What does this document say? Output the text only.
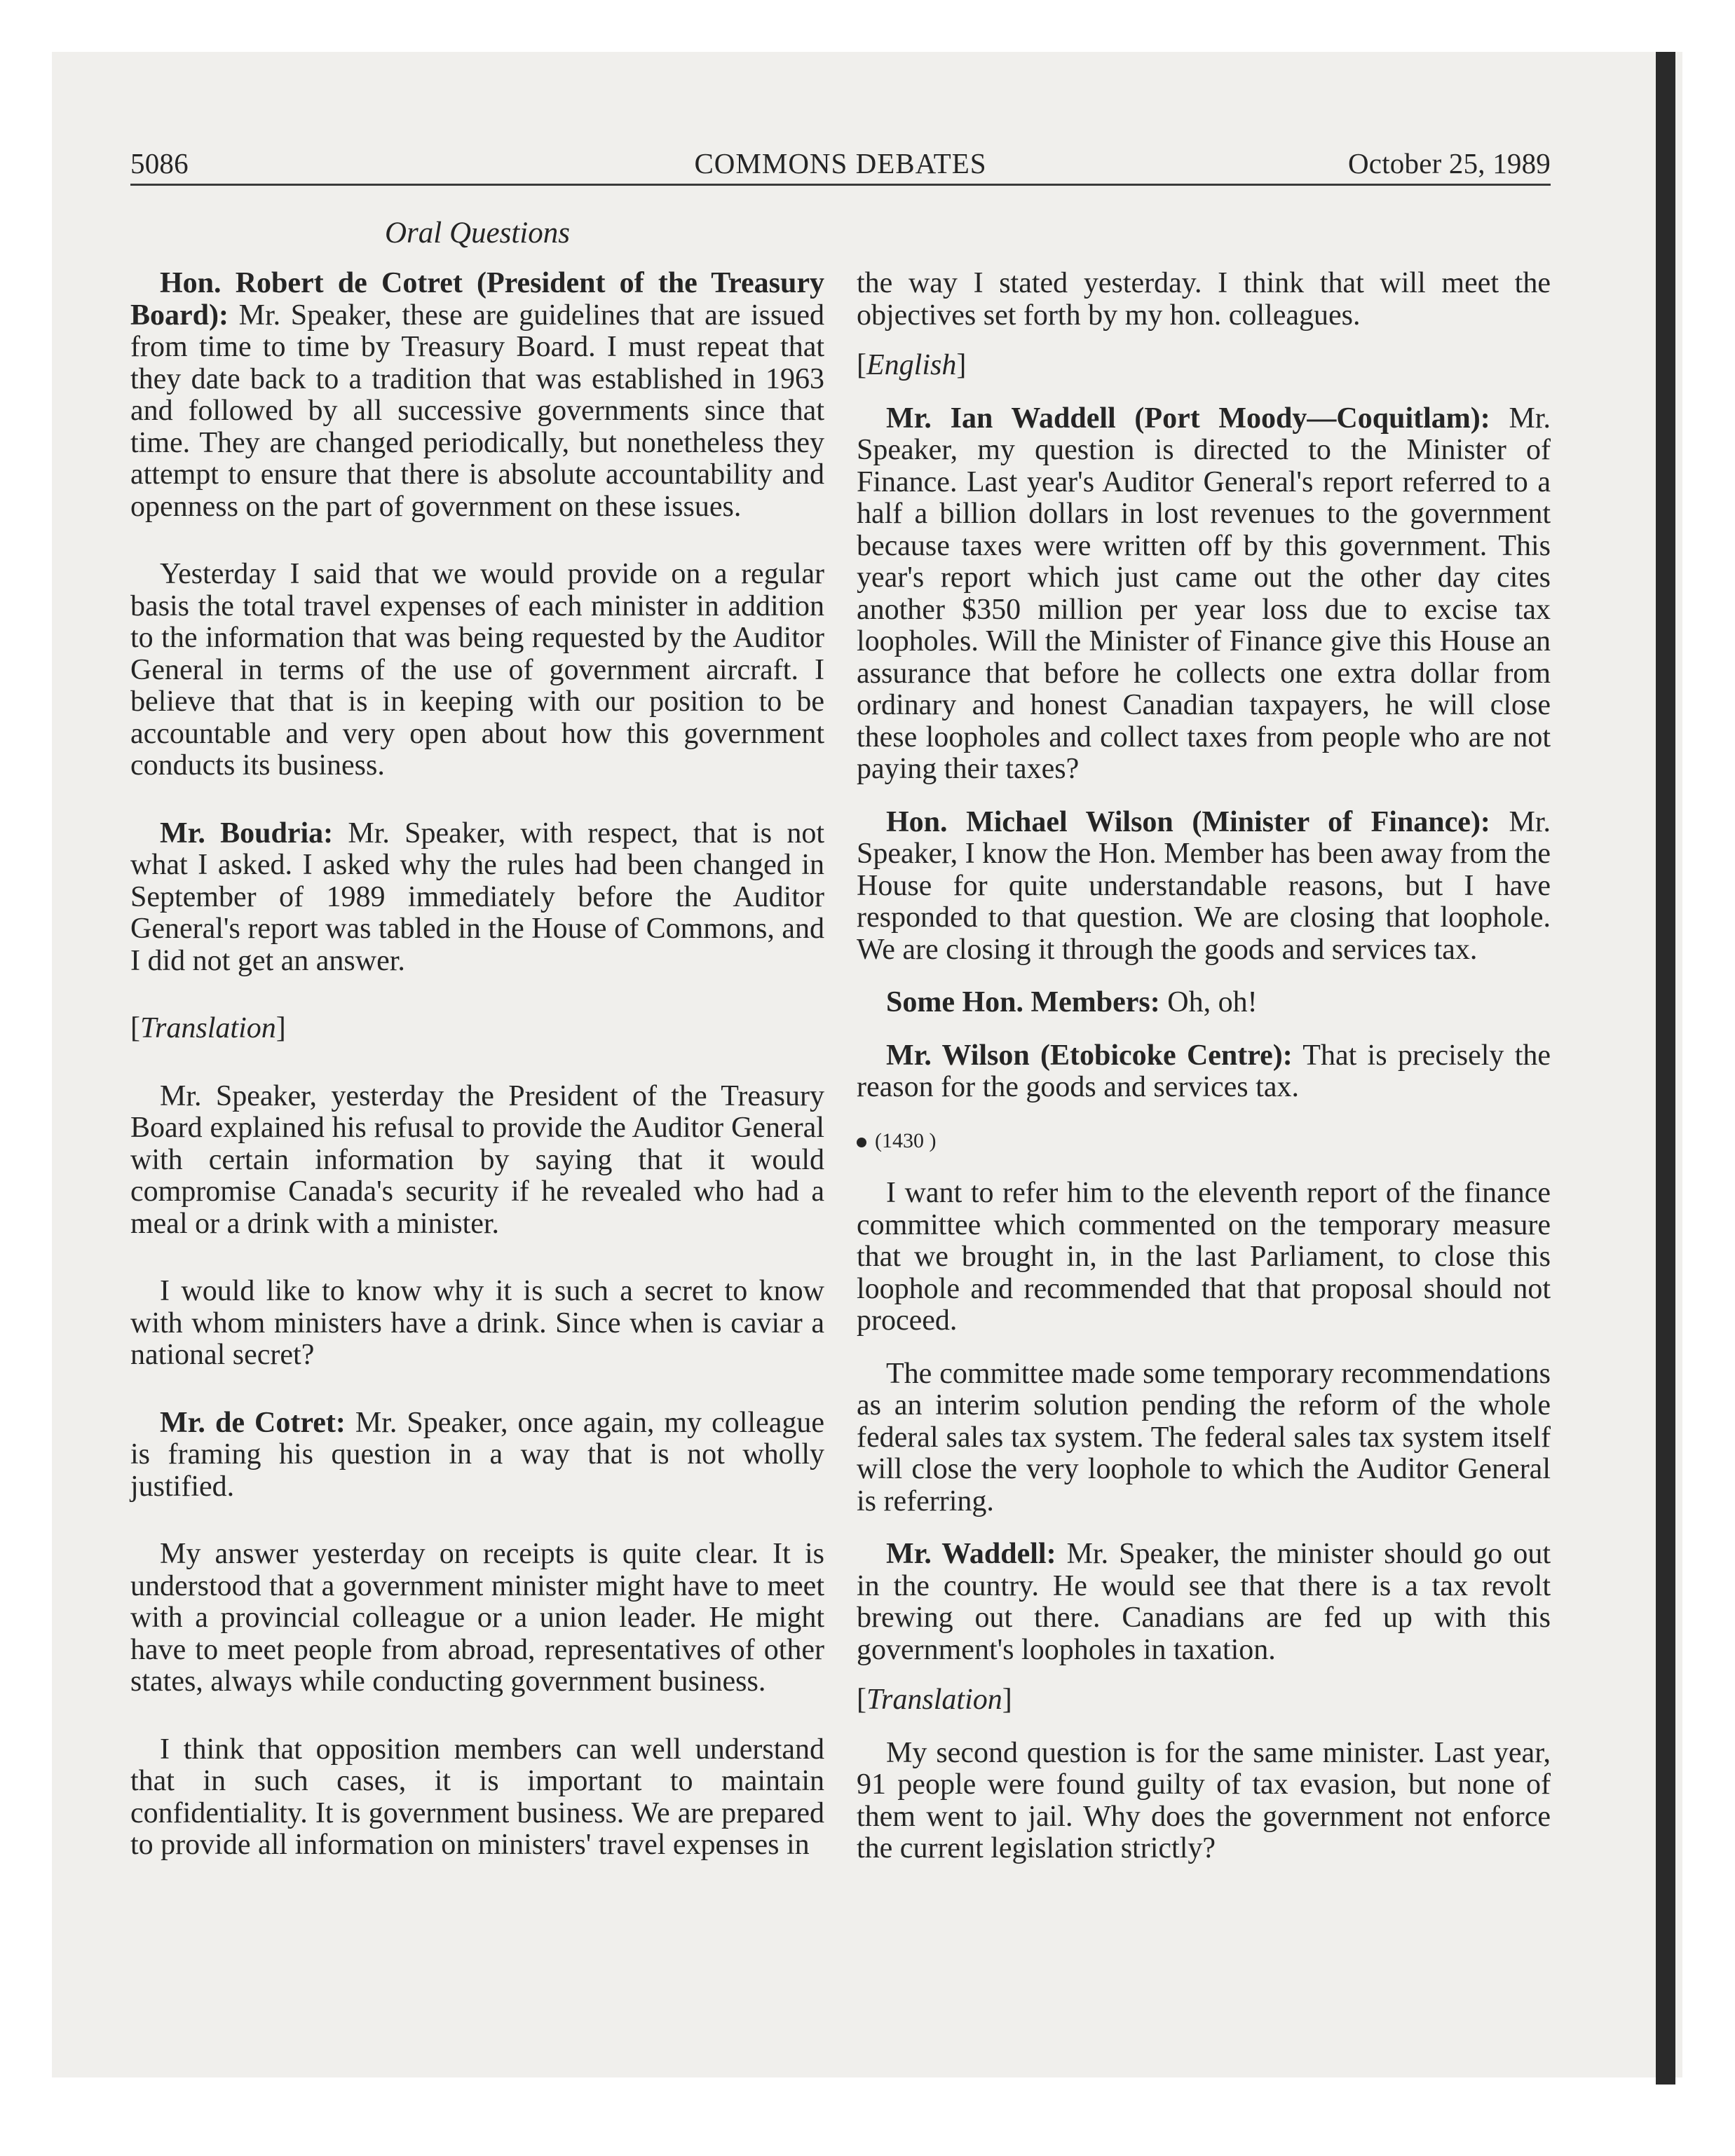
5086	COMMONS DEBATES	October 25, 1989
Oral Questions

Hon. Robert de Cotret (President of the Treasury Board): Mr. Speaker, these are guidelines that are issued from time to time by Treasury Board. I must repeat that they date back to a tradition that was established in 1963 and followed by all successive governments since that time. They are changed periodically, but nonetheless they attempt to ensure that there is absolute accountability and openness on the part of government on these issues.

Yesterday I said that we would provide on a regular basis the total travel expenses of each minister in addition to the information that was being requested by the Auditor General in terms of the use of government aircraft. I believe that that is in keeping with our position to be accountable and very open about how this government conducts its business.

Mr. Boudria: Mr. Speaker, with respect, that is not what I asked. I asked why the rules had been changed in September of 1989 immediately before the Auditor General's report was tabled in the House of Commons, and I did not get an answer.

[Translation]

Mr. Speaker, yesterday the President of the Treasury Board explained his refusal to provide the Auditor General with certain information by saying that it would compromise Canada's security if he revealed who had a meal or a drink with a minister.

I would like to know why it is such a secret to know with whom ministers have a drink. Since when is caviar a national secret?

Mr. de Cotret: Mr. Speaker, once again, my colleague is framing his question in a way that is not wholly justified.

My answer yesterday on receipts is quite clear. It is understood that a government minister might have to meet with a provincial colleague or a union leader. He might have to meet people from abroad, representatives of other states, always while conducting government business.

I think that opposition members can well understand that in such cases, it is important to maintain confidentiality. It is government business. We are prepared to provide all information on ministers' travel expenses in

the way I stated yesterday. I think that will meet the objectives set forth by my hon. colleagues.

[English]

Mr. Ian Waddell (Port Moody—Coquitlam): Mr. Speaker, my question is directed to the Minister of Finance. Last year's Auditor General's report referred to a half a billion dollars in lost revenues to the government because taxes were written off by this government. This year's report which just came out the other day cites another $350 million per year loss due to excise tax loopholes. Will the Minister of Finance give this House an assurance that before he collects one extra dollar from ordinary and honest Canadian taxpayers, he will close these loopholes and collect taxes from people who are not paying their taxes?

Hon. Michael Wilson (Minister of Finance): Mr. Speaker, I know the Hon. Member has been away from the House for quite understandable reasons, but I have responded to that question. We are closing that loophole. We are closing it through the goods and services tax.

Some Hon. Members: Oh, oh!

Mr. Wilson (Etobicoke Centre): That is precisely the reason for the goods and services tax.

(1430 )

I want to refer him to the eleventh report of the finance committee which commented on the temporary measure that we brought in, in the last Parliament, to close this loophole and recommended that that proposal should not proceed.

The committee made some temporary recommendations as an interim solution pending the reform of the whole federal sales tax system. The federal sales tax system itself will close the very loophole to which the Auditor General is referring.

Mr. Waddell: Mr. Speaker, the minister should go out in the country. He would see that there is a tax revolt brewing out there. Canadians are fed up with this government's loopholes in taxation.

[Translation]

My second question is for the same minister. Last year, 91 people were found guilty of tax evasion, but none of them went to jail. Why does the government not enforce the current legislation strictly?
